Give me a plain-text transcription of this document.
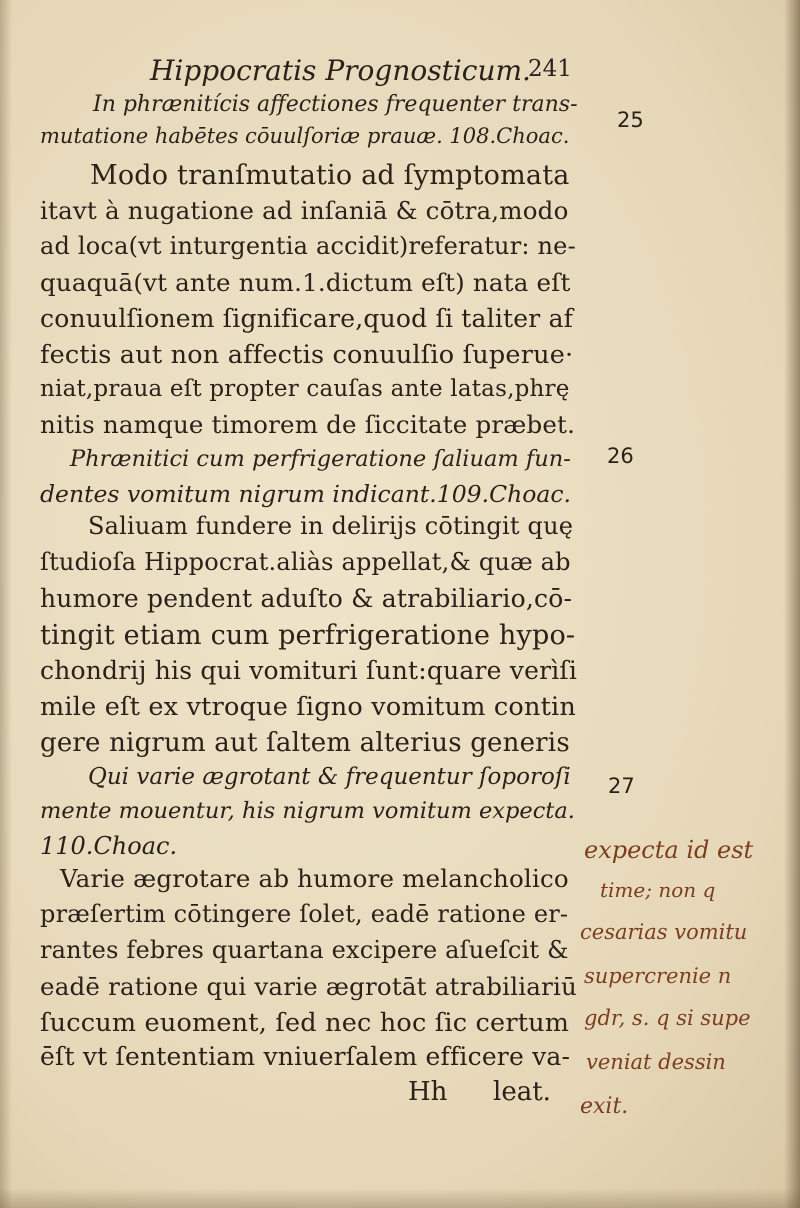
Hippocratis Prognosticum.
241
25
26
27
In phrænitícis affectiones frequenter trans-
mutatione habētes cōuulſoriæ prauæ. 108.Choac.
Modo tranſmutatio ad ſymptomata
itavt à nugatione ad inſaniā & cōtra,modo
ad loca(vt inturgentia accidit)referatur: ne-
quaquā(vt ante num.1.dictum eſt) nata eſt
conuulſionem ſignificare,quod ſi taliter af
fectis aut non affectis conuulſio ſuperue·
niat,praua eſt propter cauſas ante latas,phrę
nitis namque timorem de ſiccitate præbet.
Phrænitici cum perfrigeratione ſaliuam fun-
dentes vomitum nigrum indicant.109.Choac.
Saliuam fundere in delirijs cōtingit quę
ſtudioſa Hippocrat.aliàs appellat,& quæ ab
humore pendent aduſto & atrabiliario,cō-
tingit etiam cum perfrigeratione hypo-
chondrij his qui vomituri ſunt:quare verìſi
mile eſt ex vtroque ſigno vomitum contin
gere nigrum aut ſaltem alterius generis
Qui varie ægrotant & frequentur ſoporoſi
mente mouentur, his nigrum vomitum expecta.
110.Choac.
Varie ægrotare ab humore melancholico
præſertim cōtingere ſolet, eadē ratione er-
rantes febres quartana excipere aſueſcit &
eadē ratione qui varie ægrotāt atrabiliariū
ſuccum euoment, ſed nec hoc ſic certum
ēſt vt ſententiam vniuerſalem efficere va-
Hh leat.
expecta id est
time; non q
cesarias vomitu
supercrenie n
gdr, s. q si supe
veniat dessin
exit.
